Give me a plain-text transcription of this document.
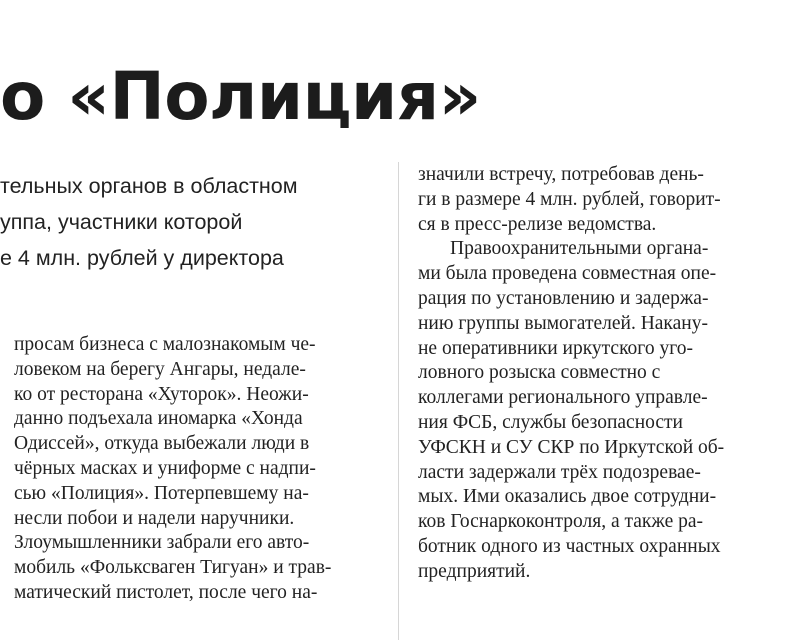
о «Полиция»
тельных органов в областном
уппа, участники которой
е 4 млн. рублей у директора
просам бизнеса с малознакомым че-
ловеком на берегу Ангары, недале-
ко от ресторана «Хуторок». Неожи-
данно подъехала иномарка «Хонда
Одиссей», откуда выбежали люди в
чёрных масках и униформе с надпи-
сью «Полиция». Потерпевшему на-
несли побои и надели наручники.
Злоумышленники забрали его авто-
мобиль «Фольксваген Тигуан» и трав-
матический пистолет, после чего на-
значили встречу, потребовав день-
ги в размере 4 млн. рублей, говорит-
ся в пресс-релизе ведомства.
Правоохранительными органа-
ми была проведена совместная опе-
рация по установлению и задержа-
нию группы вымогателей. Накану-
не оперативники иркутского уго-
ловного розыска совместно с
коллегами регионального управле-
ния ФСБ, службы безопасности
УФСКН и СУ СКР по Иркутской об-
ласти задержали трёх подозревае-
мых. Ими оказались двое сотрудни-
ков Госнаркоконтроля, а также ра-
ботник одного из частных охранных
предприятий.
